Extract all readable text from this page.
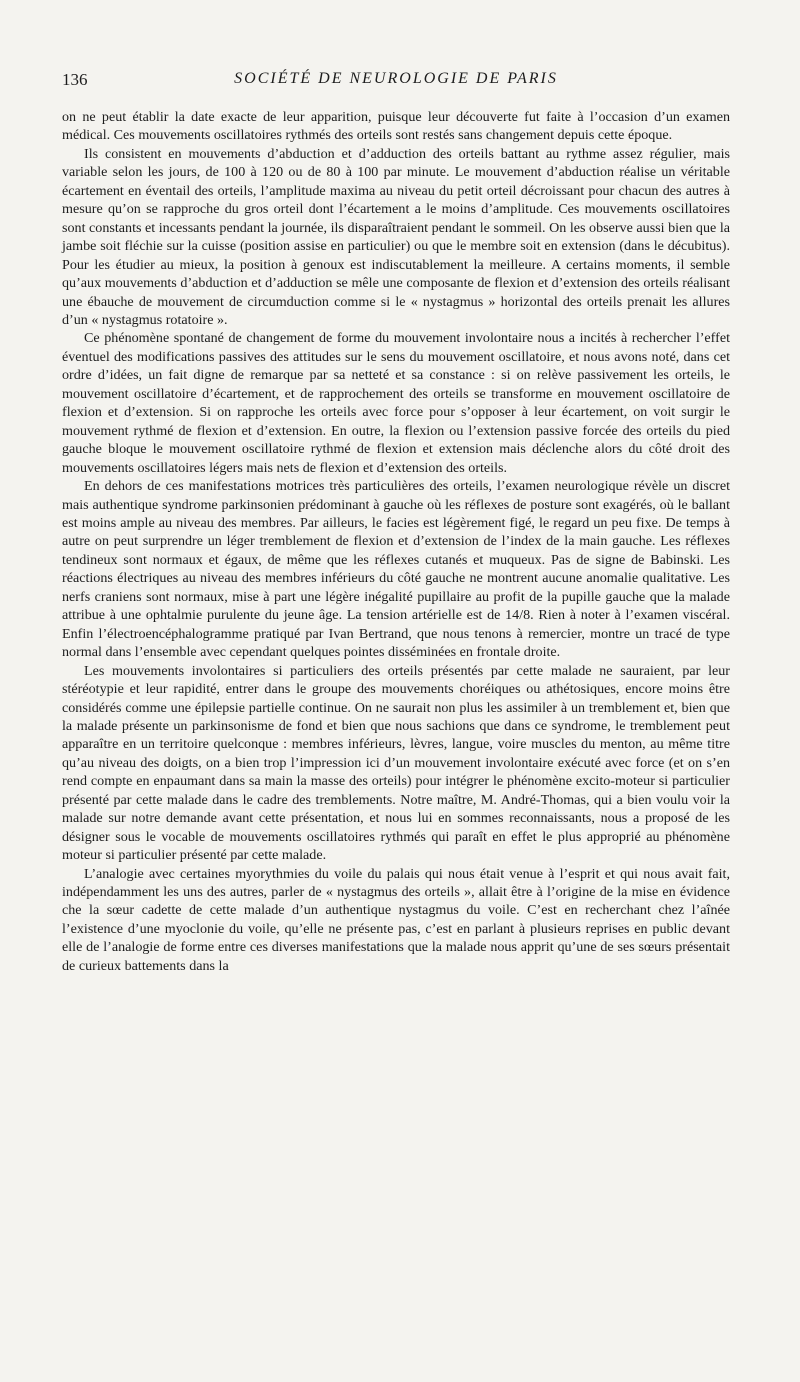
136	SOCIÉTÉ DE NEUROLOGIE DE PARIS

on ne peut établir la date exacte de leur apparition, puisque leur découverte fut faite à l’occasion d’un examen médical. Ces mouvements oscillatoires rythmés des orteils sont restés sans changement depuis cette époque.

Ils consistent en mouvements d’abduction et d’adduction des orteils battant au rythme assez régulier, mais variable selon les jours, de 100 à 120 ou de 80 à 100 par minute. Le mouvement d’abduction réalise un véritable écartement en éventail des orteils, l’amplitude maxima au niveau du petit orteil décroissant pour chacun des autres à mesure qu’on se rapproche du gros orteil dont l’écartement a le moins d’amplitude. Ces mouvements oscillatoires sont constants et incessants pendant la journée, ils disparaîtraient pendant le sommeil. On les observe aussi bien que la jambe soit fléchie sur la cuisse (position assise en particulier) ou que le membre soit en extension (dans le décubitus). Pour les étudier au mieux, la position à genoux est indiscutablement la meilleure. A certains moments, il semble qu’aux mouvements d’abduction et d’adduction se mêle une composante de flexion et d’extension des orteils réalisant une ébauche de mouvement de circumduction comme si le « nystagmus » horizontal des orteils prenait les allures d’un « nystagmus rotatoire ».

Ce phénomène spontané de changement de forme du mouvement involontaire nous a incités à rechercher l’effet éventuel des modifications passives des attitudes sur le sens du mouvement oscillatoire, et nous avons noté, dans cet ordre d’idées, un fait digne de remarque par sa netteté et sa constance : si on relève passivement les orteils, le mouvement oscillatoire d’écartement, et de rapprochement des orteils se transforme en mouvement oscillatoire de flexion et d’extension. Si on rapproche les orteils avec force pour s’opposer à leur écartement, on voit surgir le mouvement rythmé de flexion et d’extension. En outre, la flexion ou l’extension passive forcée des orteils du pied gauche bloque le mouvement oscillatoire rythmé de flexion et extension mais déclenche alors du côté droit des mouvements oscillatoires légers mais nets de flexion et d’extension des orteils.

En dehors de ces manifestations motrices très particulières des orteils, l’examen neurologique révèle un discret mais authentique syndrome parkinsonien prédominant à gauche où les réflexes de posture sont exagérés, où le ballant est moins ample au niveau des membres. Par ailleurs, le facies est légèrement figé, le regard un peu fixe. De temps à autre on peut surprendre un léger tremblement de flexion et d’extension de l’index de la main gauche. Les réflexes tendineux sont normaux et égaux, de même que les réflexes cutanés et muqueux. Pas de signe de Babinski. Les réactions électriques au niveau des membres inférieurs du côté gauche ne montrent aucune anomalie qualitative. Les nerfs craniens sont normaux, mise à part une légère inégalité pupillaire au profit de la pupille gauche que la malade attribue à une ophtalmie purulente du jeune âge. La tension artérielle est de 14/8. Rien à noter à l’examen viscéral. Enfin l’électroencéphalogramme pratiqué par Ivan Bertrand, que nous tenons à remercier, montre un tracé de type normal dans l’ensemble avec cependant quelques pointes disséminées en frontale droite.

Les mouvements involontaires si particuliers des orteils présentés par cette malade ne sauraient, par leur stéréotypie et leur rapidité, entrer dans le groupe des mouvements choréiques ou athétosiques, encore moins être considérés comme une épilepsie partielle continue. On ne saurait non plus les assimiler à un tremblement et, bien que la malade présente un parkinsonisme de fond et bien que nous sachions que dans ce syndrome, le tremblement peut apparaître en un territoire quelconque : membres inférieurs, lèvres, langue, voire muscles du menton, au même titre qu’au niveau des doigts, on a bien trop l’impression ici d’un mouvement involontaire exécuté avec force (et on s’en rend compte en enpaumant dans sa main la masse des orteils) pour intégrer le phénomène excito-moteur si particulier présenté par cette malade dans le cadre des tremblements. Notre maître, M. André-Thomas, qui a bien voulu voir la malade sur notre demande avant cette présentation, et nous lui en sommes reconnaissants, nous a proposé de les désigner sous le vocable de mouvements oscillatoires rythmés qui paraît en effet le plus approprié au phénomène moteur si particulier présenté par cette malade.

L’analogie avec certaines myorythmies du voile du palais qui nous était venue à l’esprit et qui nous avait fait, indépendamment les uns des autres, parler de « nystagmus des orteils », allait être à l’origine de la mise en évidence che la sœur cadette de cette malade d’un authentique nystagmus du voile. C’est en recherchant chez l’aînée l’existence d’une myoclonie du voile, qu’elle ne présente pas, c’est en parlant à plusieurs reprises en public devant elle de l’analogie de forme entre ces diverses manifestations que la malade nous apprit qu’une de ses sœurs présentait de curieux battements dans la
